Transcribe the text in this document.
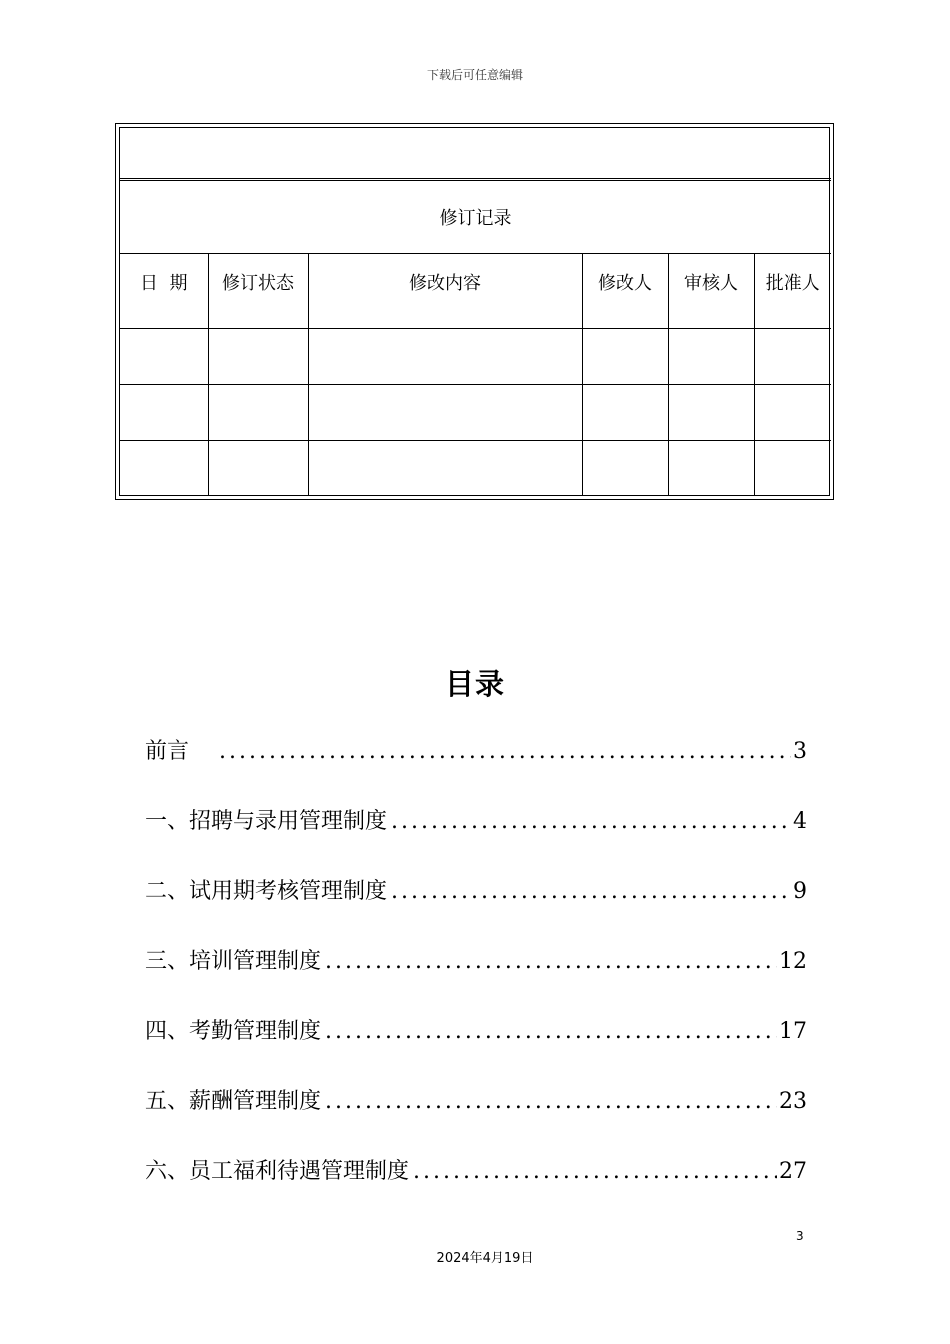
下载后可任意编辑

修订记录					
日  期	修订状态	修改内容	修改人	审核人	批准人

目录
前言 .....	3
一、招聘与录用管理制度 .....	4
二、试用期考核管理制度 .....	9
三、培训管理制度 .....	12
四、考勤管理制度 .....	17
五、薪酬管理制度 .....	23
六、员工福利待遇管理制度 .....	27
3
2024年4月19日
